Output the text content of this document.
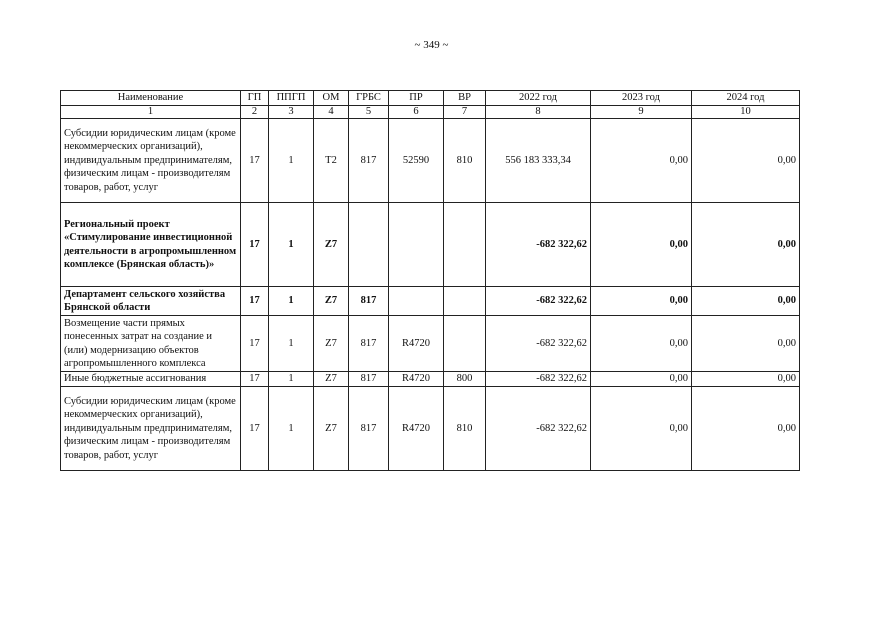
~ 349 ~
Наименование	ГП	ППГП	ОМ	ГРБС	ПР	ВР	2022 год	2023 год	2024 год
1	2	3	4	5	6	7	8	9	10
Субсидии юридическим лицам (кроме некоммерческих организаций), индивидуальным предпринимателям, физическим лицам - производителям товаров, работ, услуг	17	1	Т2	817	52590	810	556 183 333,34	0,00	0,00
Региональный проект «Стимулирование инвестиционной деятельности в агропромышленном комплексе (Брянская область)»	17	1	Z7				-682 322,62	0,00	0,00
Департамент сельского хозяйства Брянской области	17	1	Z7	817			-682 322,62	0,00	0,00
Возмещение части прямых понесенных затрат на создание и (или) модернизацию объектов агропромышленного комплекса	17	1	Z7	817	R4720		-682 322,62	0,00	0,00
Иные бюджетные ассигнования	17	1	Z7	817	R4720	800	-682 322,62	0,00	0,00
Субсидии юридическим лицам (кроме некоммерческих организаций), индивидуальным предпринимателям, физическим лицам - производителям товаров, работ, услуг	17	1	Z7	817	R4720	810	-682 322,62	0,00	0,00
